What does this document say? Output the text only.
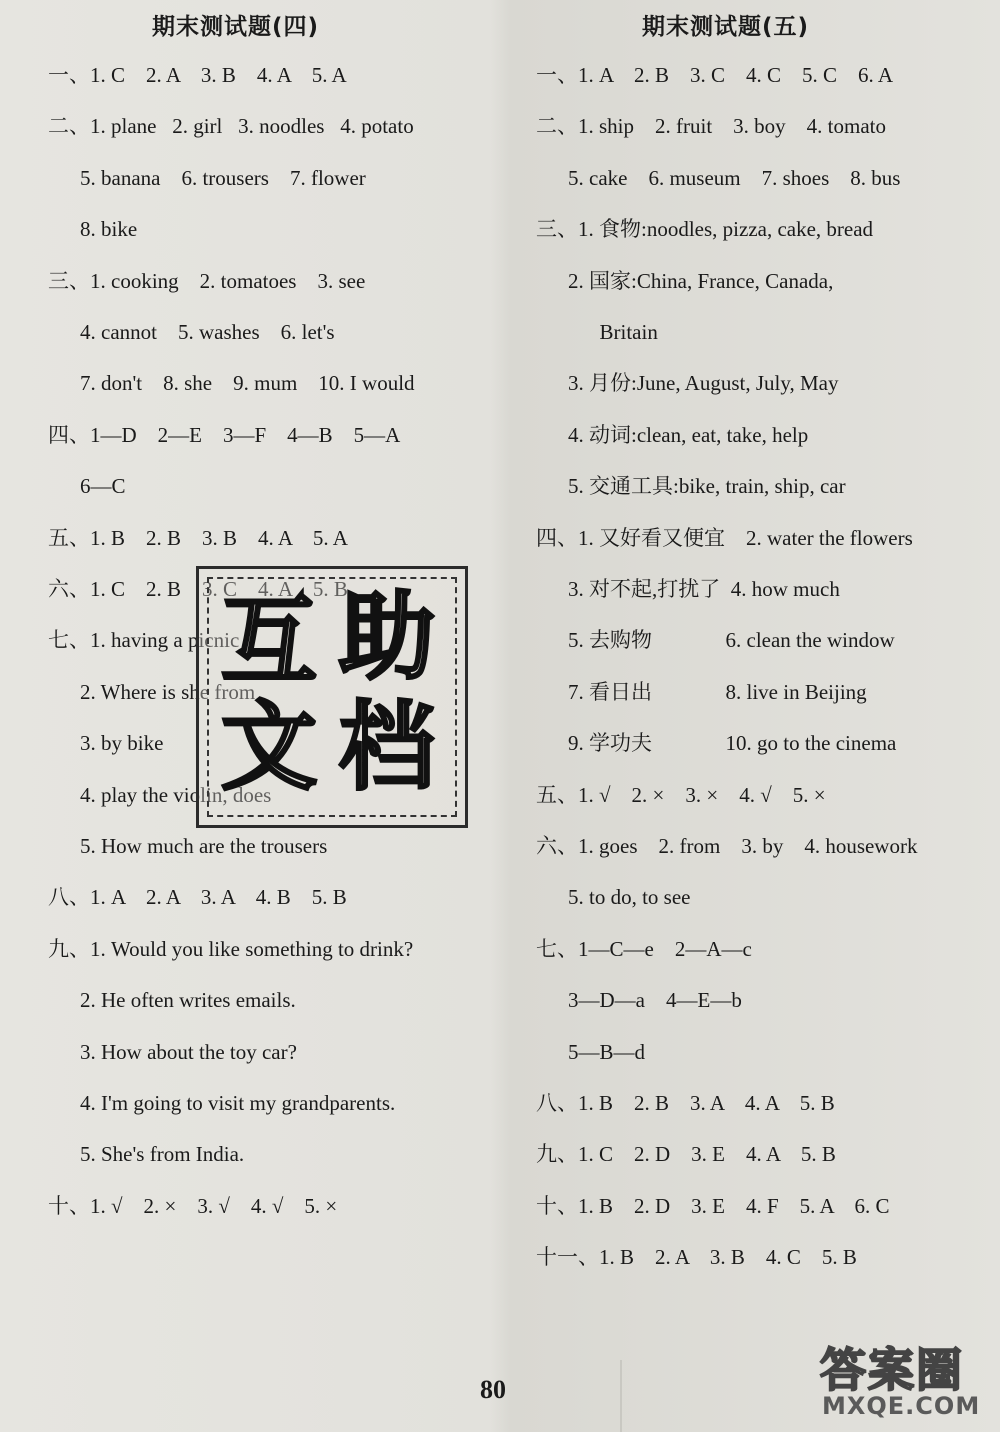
期末测试题(四)
一、1. C    2. A    3. B    4. A    5. A
二、1. plane   2. girl   3. noodles   4. potato
5. banana    6. trousers    7. flower
8. bike
三、1. cooking    2. tomatoes    3. see
4. cannot    5. washes    6. let's
7. don't    8. she    9. mum    10. I would
四、1—D    2—E    3—F    4—B    5—A
6—C
五、1. B    2. B    3. B    4. A    5. A
六、1. C    2. B    3. C    4. A    5. B
七、1. having a picnic
2. Where is she from
3. by bike
4. play the violin, does
5. How much are the trousers
八、1. A    2. A    3. A    4. B    5. B
九、1. Would you like something to drink?
2. He often writes emails.
3. How about the toy car?
4. I'm going to visit my grandparents.
5. She's from India.
十、1. √    2. ×    3. √    4. √    5. ×
期末测试题(五)
一、1. A    2. B    3. C    4. C    5. C    6. A
二、1. ship    2. fruit    3. boy    4. tomato
5. cake    6. museum    7. shoes    8. bus
三、1. 食物:noodles, pizza, cake, bread
2. 国家:China, France, Canada,
Britain
3. 月份:June, August, July, May
4. 动词:clean, eat, take, help
5. 交通工具:bike, train, ship, car
四、1. 又好看又便宜    2. water the flowers
3. 对不起,打扰了  4. how much
5. 去购物              6. clean the window
7. 看日出              8. live in Beijing
9. 学功夫              10. go to the cinema
五、1. √    2. ×    3. ×    4. √    5. ×
六、1. goes    2. from    3. by    4. housework
5. to do, to see
七、1—C—e    2—A—c
3—D—a    4—E—b
5—B—d
八、1. B    2. B    3. A    4. A    5. B
九、1. C    2. D    3. E    4. A    5. B
十、1. B    2. D    3. E    4. F    5. A    6. C
十一、1. B    2. A    3. B    4. C    5. B
互 助
文 档
80	答案圈
MXQE.COM
